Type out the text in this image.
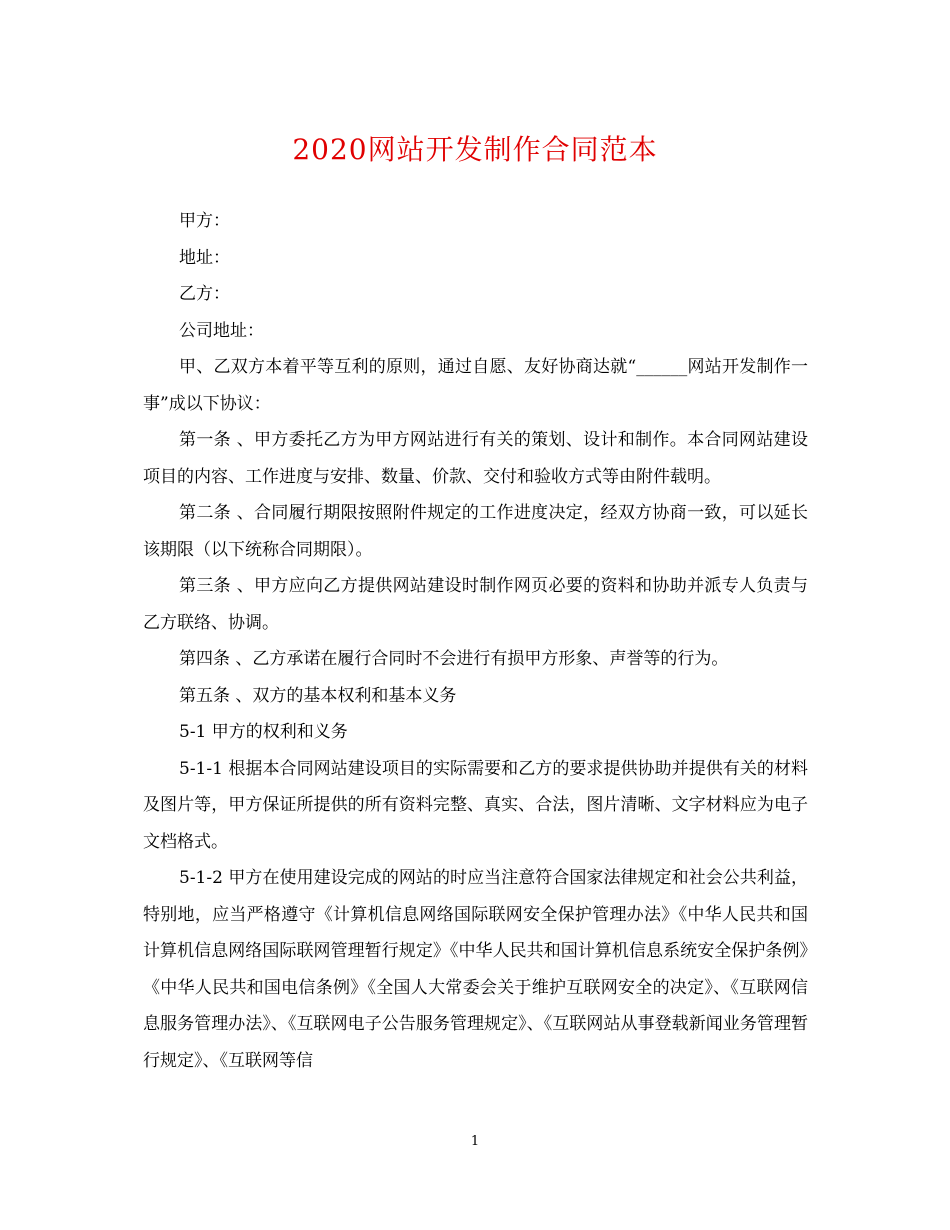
2020网站开发制作合同范本

甲方：

地址：

乙方：

公司地址：

甲、乙双方本着平等互利的原则，通过自愿、友好协商达就“______网站开发制作一事”成以下协议：

第一条 、甲方委托乙方为甲方网站进行有关的策划、设计和制作。本合同网站建设项目的内容、工作进度与安排、数量、价款、交付和验收方式等由附件载明。

第二条 、合同履行期限按照附件规定的工作进度决定，经双方协商一致，可以延长该期限（以下统称合同期限）。

第三条 、甲方应向乙方提供网站建设时制作网页必要的资料和协助并派专人负责与乙方联络、协调。

第四条 、乙方承诺在履行合同时不会进行有损甲方形象、声誉等的行为。

第五条 、双方的基本权利和基本义务

5-1 甲方的权利和义务

5-1-1 根据本合同网站建设项目的实际需要和乙方的要求提供协助并提供有关的材料及图片等，甲方保证所提供的所有资料完整、真实、合法，图片清晰、文字材料应为电子文档格式。

5-1-2 甲方在使用建设完成的网站的时应当注意符合国家法律规定和社会公共利益，特别地，应当严格遵守《计算机信息网络国际联网安全保护管理办法》《中华人民共和国计算机信息网络国际联网管理暂行规定》《中华人民共和国计算机信息系统安全保护条例》《中华人民共和国电信条例》《全国人大常委会关于维护互联网安全的决定》、《互联网信息服务管理办法》、《互联网电子公告服务管理规定》、《互联网站从事登载新闻业务管理暂行规定》、《互联网等信

1
